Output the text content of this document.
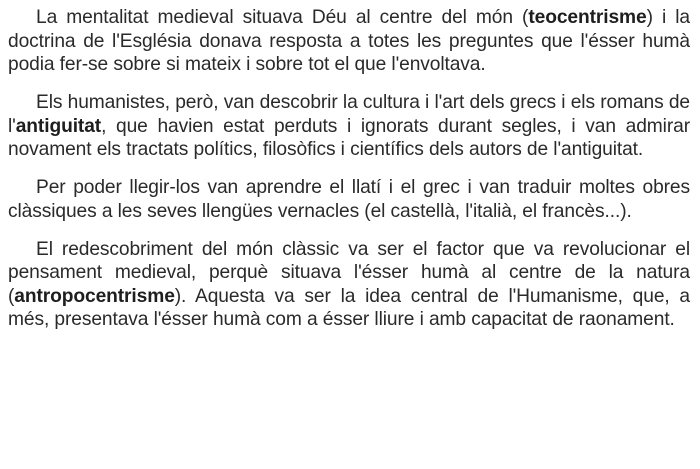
La mentalitat medieval situava Déu al centre del món (teocentrisme) i la doctrina de l'Església donava resposta a totes les preguntes que l'ésser humà podia fer-se sobre si mateix i sobre tot el que l'envoltava.

Els humanistes, però, van descobrir la cultura i l'art dels grecs i els romans de l'antiguitat, que havien estat perduts i ignorats durant segles, i van admirar novament els tractats polítics, filosòfics i científics dels autors de l'antiguitat.

Per poder llegir-los van aprendre el llatí i el grec i van traduir moltes obres clàssiques a les seves llengües vernacles (el castellà, l'italià, el francès...).

El redescobriment del món clàssic va ser el factor que va revolucionar el pensament medieval, perquè situava l'ésser humà al centre de la natura (antropocentrisme). Aquesta va ser la idea central de l'Humanisme, que, a més, presentava l'ésser humà com a ésser lliure i amb capacitat de raonament.
